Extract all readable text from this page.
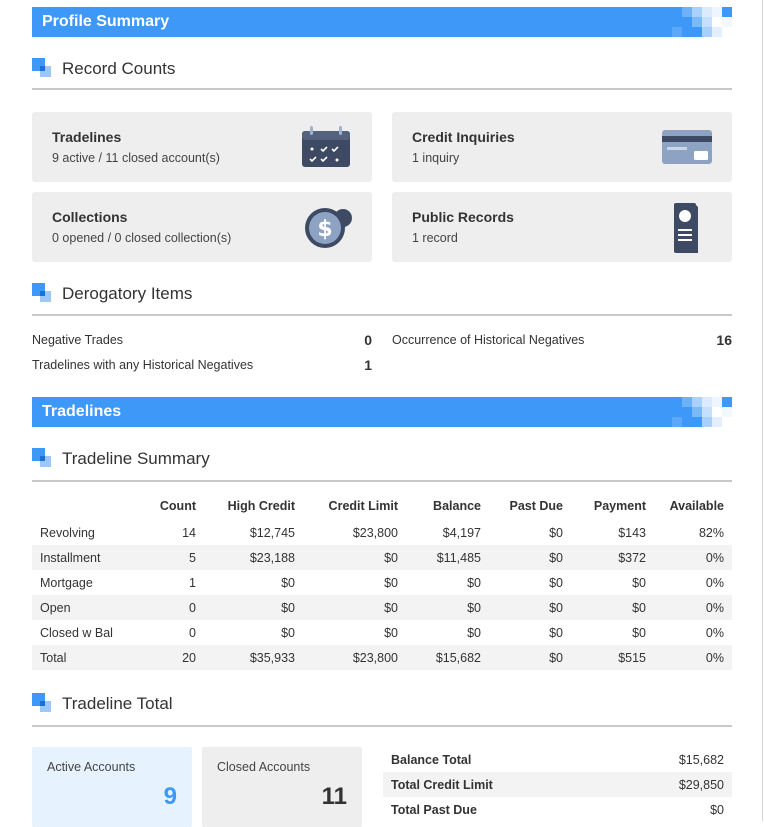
Profile Summary
Record Counts
Tradelines
9 active / 11 closed account(s)
Credit Inquiries
1 inquiry
Collections
0 opened / 0 closed collection(s)	$	Public Records
1 record
Derogatory Items
Negative Trades	0
Tradelines with any Historical Negatives	1
Occurrence of Historical Negatives	16
Tradelines
Tradeline Summary
	Count	High Credit	Credit Limit	Balance	Past Due	Payment	Available
Revolving	14	$12,745	$23,800	$4,197	$0	$143	82%
Installment	5	$23,188	$0	$11,485	$0	$372	0%
Mortgage	1	$0	$0	$0	$0	$0	0%
Open	0	$0	$0	$0	$0	$0	0%
Closed w Bal	0	$0	$0	$0	$0	$0	0%
Total	20	$35,933	$23,800	$15,682	$0	$515	0%
Tradeline Total
Active Accounts
9
Closed Accounts
11
Balance Total	$15,682
Total Credit Limit	$29,850
Total Past Due	$0
